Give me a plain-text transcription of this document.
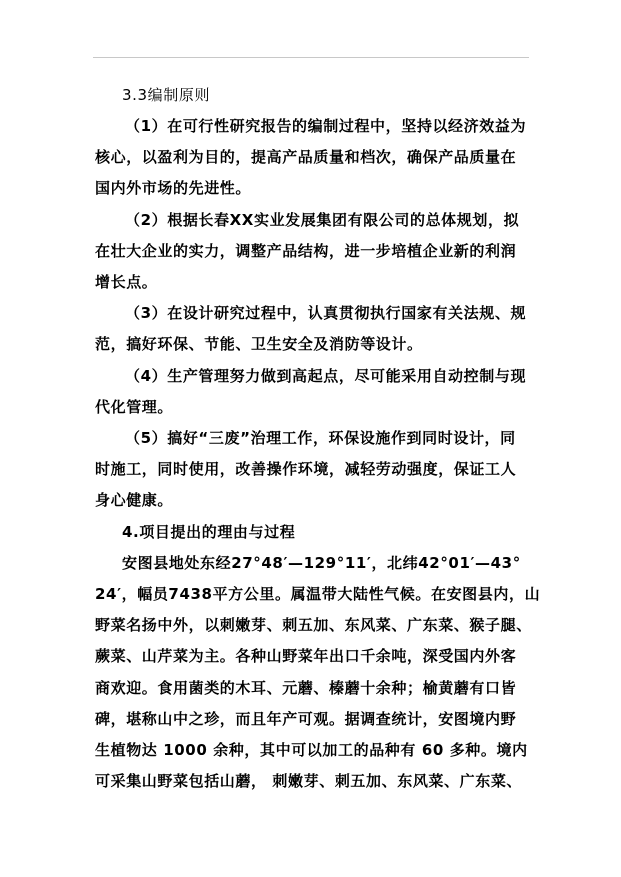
3.3编制原则
（1）在可行性研究报告的编制过程中，坚持以经济效益为
核心，以盈利为目的，提高产品质量和档次，确保产品质量在
国内外市场的先进性。
（2）根据长春XX实业发展集团有限公司的总体规划，拟
在壮大企业的实力，调整产品结构，进一步培植企业新的利润
增长点。
（3）在设计研究过程中，认真贯彻执行国家有关法规、规
范，搞好环保、节能、卫生安全及消防等设计。
（4）生产管理努力做到高起点，尽可能采用自动控制与现
代化管理。
（5）搞好“三废”治理工作，环保设施作到同时设计，同
时施工，同时使用，改善操作环境，减轻劳动强度，保证工人
身心健康。
4.项目提出的理由与过程
安图县地处东经27°48′—129°11′，北纬42°01′—43°
24′，幅员7438平方公里。属温带大陆性气候。在安图县内，山
野菜名扬中外，以刺嫩芽、刺五加、东风菜、广东菜、猴子腿、
蕨菜、山芹菜为主。各种山野菜年出口千余吨，深受国内外客
商欢迎。食用菌类的木耳、元蘑、榛蘑十余种；榆黄蘑有口皆
碑，堪称山中之珍，而且年产可观。据调查统计，安图境内野
生植物达 1000 余种，其中可以加工的品种有 60 多种。境内
可采集山野菜包括山蘑， 刺嫩芽、刺五加、东风菜、广东菜、
